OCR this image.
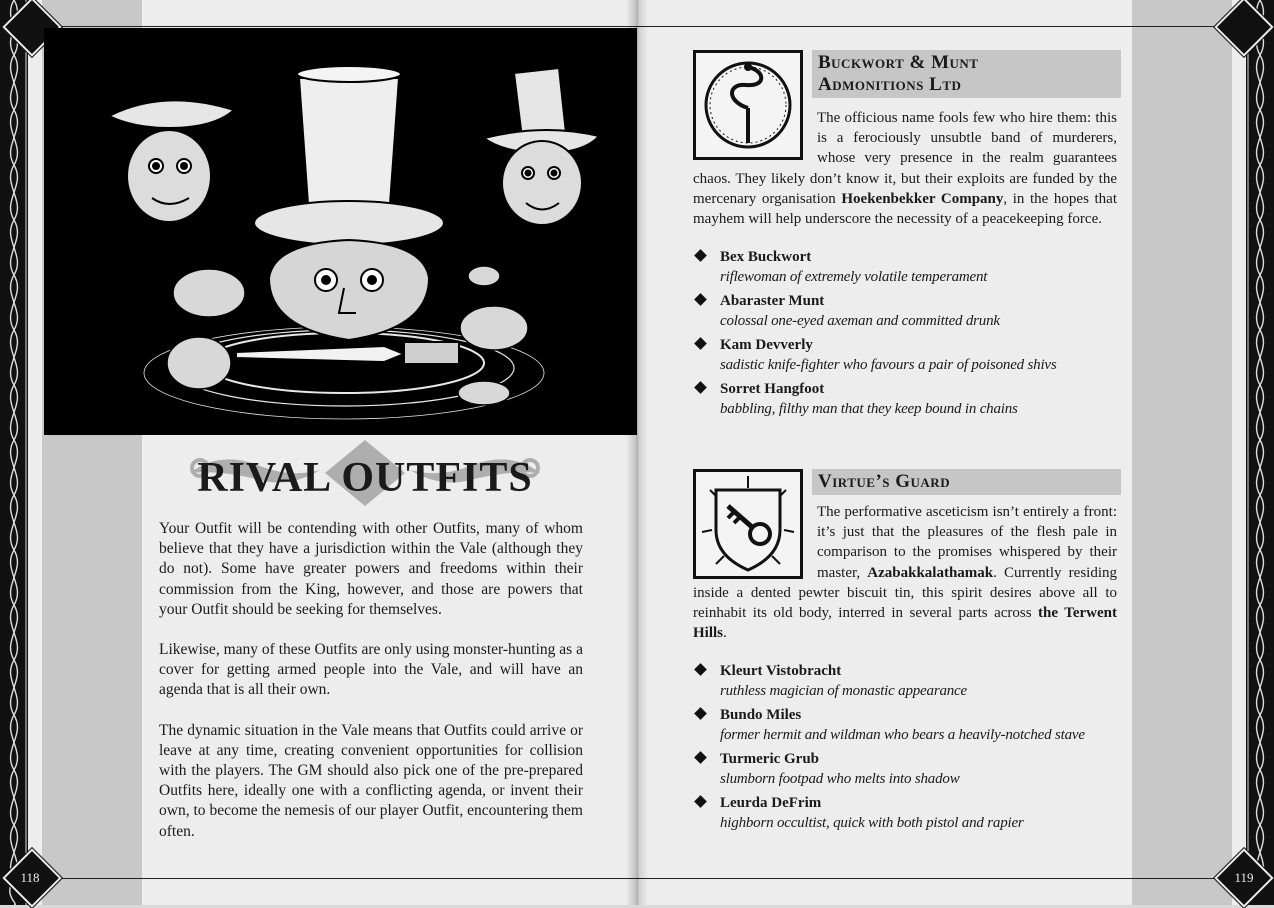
118	119
RIVAL OUTFITS

Your Outfit will be contending with other Outfits, many of whom believe that they have a jurisdiction within the Vale (although they do not). Some have greater powers and freedoms within their commission from the King, however, and those are powers that your Outfit should be seeking for themselves.

Likewise, many of these Outfits are only using monster-hunting as a cover for getting armed people into the Vale, and will have an agenda that is all their own.

The dynamic situation in the Vale means that Outfits could arrive or leave at any time, creating convenient opportunities for collision with the players. The GM should also pick one of the pre-prepared Outfits here, ideally one with a conflicting agenda, or invent their own, to become the nemesis of our player Outfit, encountering them often.

Buckwort & Munt
Admonitions Ltd

The officious name fools few who hire them: this is a ferociously unsubtle band of murderers, whose very presence in the realm guarantees chaos. They likely don’t know it, but their exploits are funded by the mercenary organisation Hoekenbekker Company, in the hopes that mayhem will help underscore the necessity of a peacekeeping force.

Bex Buckwort
riflewoman of extremely volatile temperament
Abaraster Munt
colossal one-eyed axeman and committed drunk
Kam Devverly
sadistic knife-fighter who favours a pair of poisoned shivs
Sorret Hangfoot
babbling, filthy man that they keep bound in chains
Virtue’s Guard

The performative asceticism isn’t entirely a front: it’s just that the pleasures of the flesh pale in comparison to the promises whispered by their master, Azabakkalathamak. Currently residing inside a dented pewter biscuit tin, this spirit desires above all to reinhabit its old body, interred in several parts across the Terwent Hills.

Kleurt Vistobracht
ruthless magician of monastic appearance
Bundo Miles
former hermit and wildman who bears a heavily-notched stave
Turmeric Grub
slumborn footpad who melts into shadow
Leurda DeFrim
highborn occultist, quick with both pistol and rapier
